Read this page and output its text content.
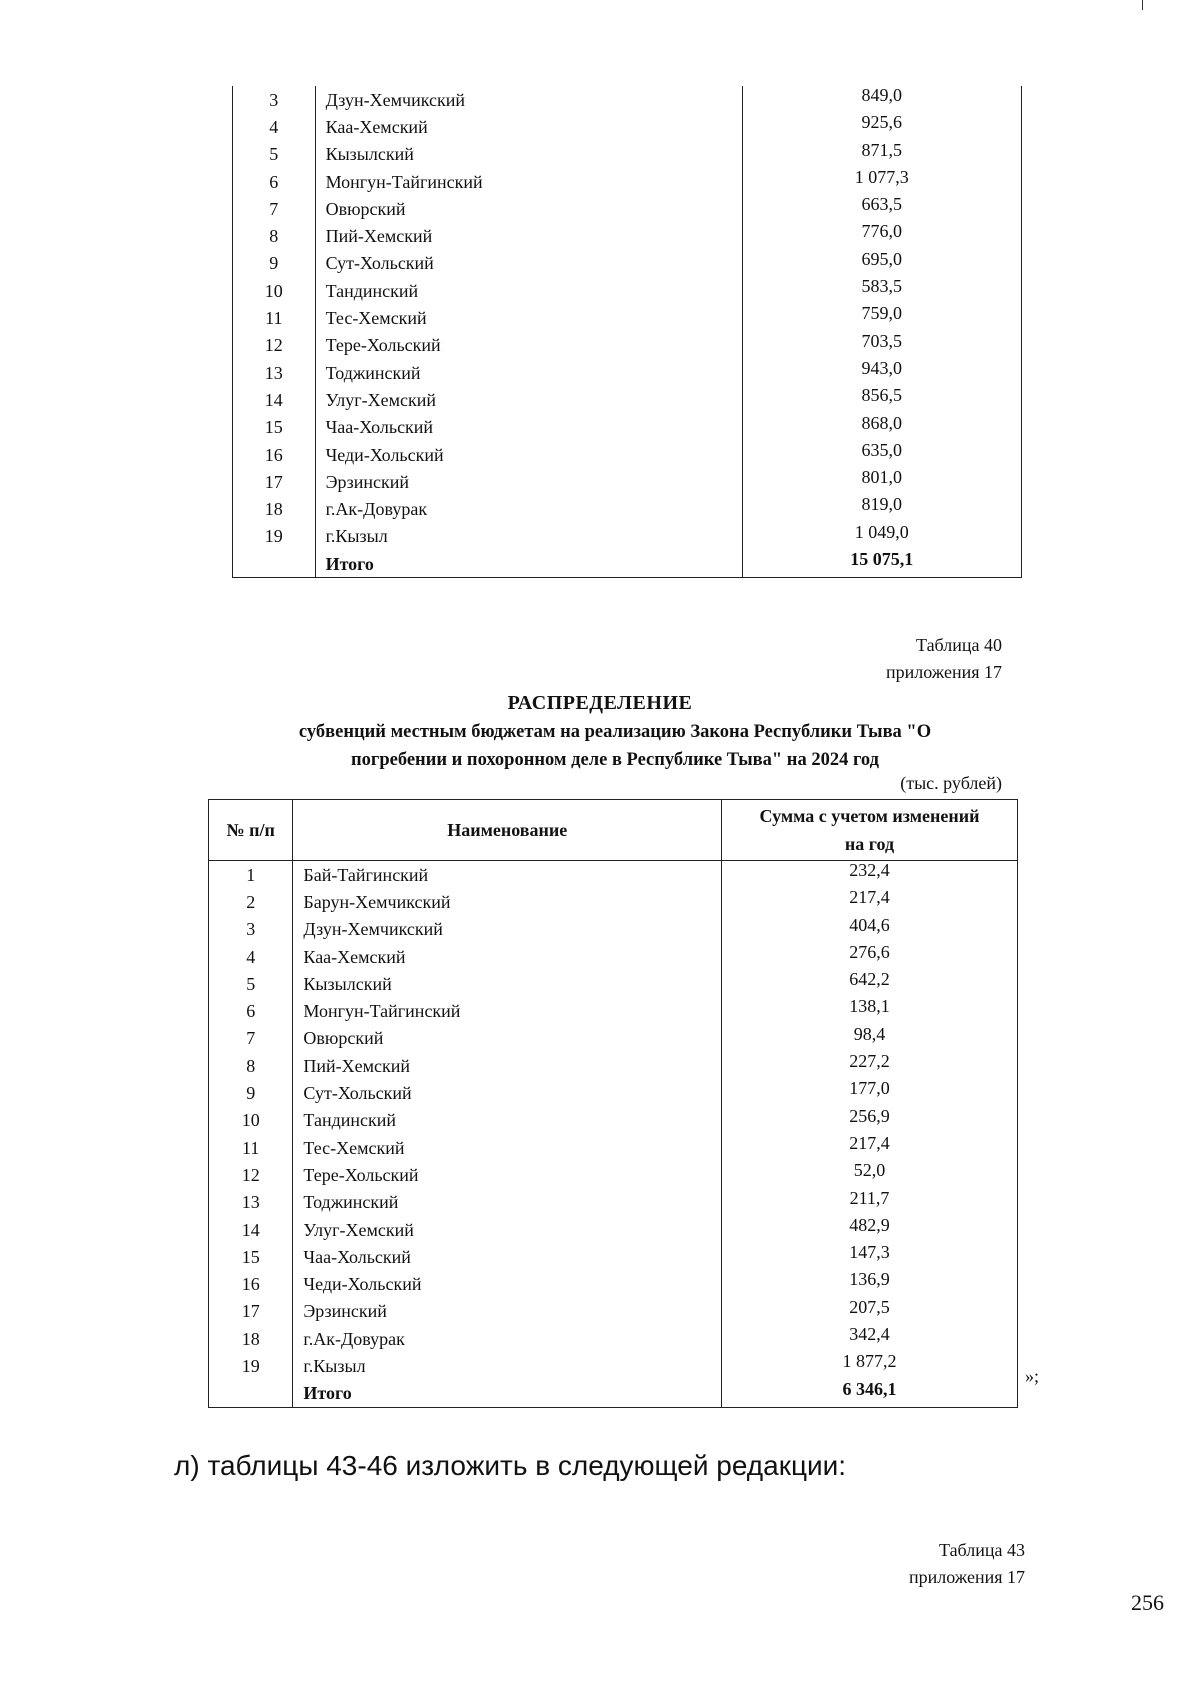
3	Дзун-Хемчикский	849,0
4	Каа-Хемский	925,6
5	Кызылский	871,5
6	Монгун-Тайгинский	1 077,3
7	Овюрский	663,5
8	Пий-Хемский	776,0
9	Сут-Хольский	695,0
10	Тандинский	583,5
11	Тес-Хемский	759,0
12	Тере-Хольский	703,5
13	Тоджинский	943,0
14	Улуг-Хемский	856,5
15	Чаа-Хольский	868,0
16	Чеди-Хольский	635,0
17	Эрзинский	801,0
18	г.Ак-Довурак	819,0
19	г.Кызыл	1 049,0
	Итого	15 075,1
Таблица 40
приложения 17
РАСПРЕДЕЛЕНИЕ
субвенций местным бюджетам на реализацию Закона Республики Тыва "О
погребении и похоронном деле в Республике Тыва" на 2024 год
(тыс. рублей)
№ п/п	Наименование	Сумма с учетом изменений
на год

1	Бай-Тайгинский	232,4
2	Барун-Хемчикский	217,4
3	Дзун-Хемчикский	404,6
4	Каа-Хемский	276,6
5	Кызылский	642,2
6	Монгун-Тайгинский	138,1
7	Овюрский	98,4
8	Пий-Хемский	227,2
9	Сут-Хольский	177,0
10	Тандинский	256,9
11	Тес-Хемский	217,4
12	Тере-Хольский	52,0
13	Тоджинский	211,7
14	Улуг-Хемский	482,9
15	Чаа-Хольский	147,3
16	Чеди-Хольский	136,9
17	Эрзинский	207,5
18	г.Ак-Довурак	342,4
19	г.Кызыл	1 877,2
	Итого	6 346,1
»;
л) таблицы 43-46 изложить в следующей редакции:
Таблица 43
приложения 17
256
